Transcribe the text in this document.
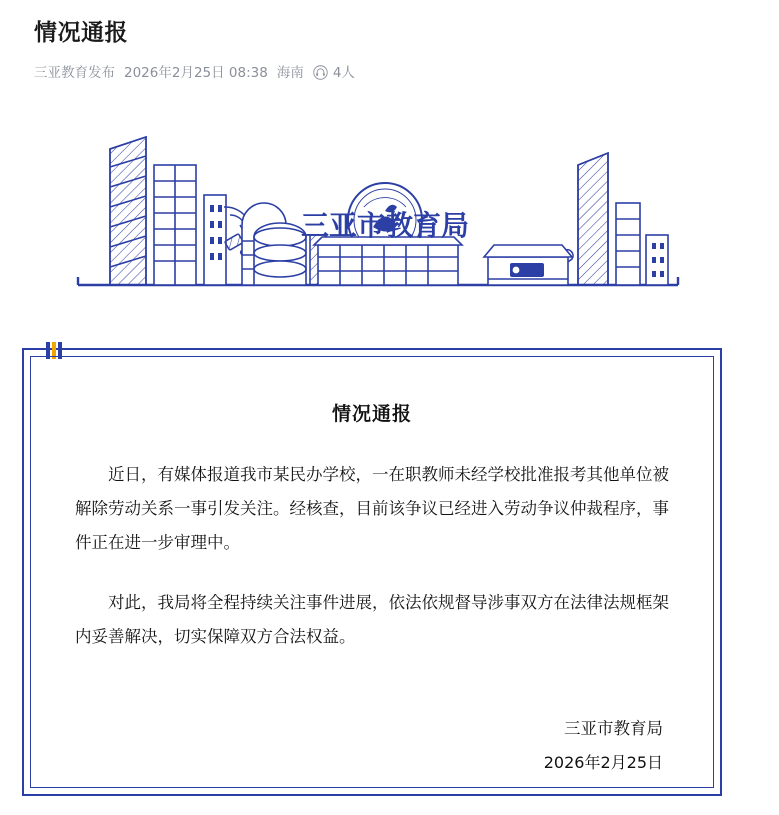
情况通报
三亚教育发布 2026年2月25日 08:38 海南 4人
三亚市教育局
情况通报

近日，有媒体报道我市某民办学校，一在职教师未经学校批准报考其他单位被解除劳动关系一事引发关注。经核查，目前该争议已经进入劳动争议仲裁程序，事件正在进一步审理中。

对此，我局将全程持续关注事件进展，依法依规督导涉事双方在法律法规框架内妥善解决，切实保障双方合法权益。

三亚市教育局
2026年2月25日
